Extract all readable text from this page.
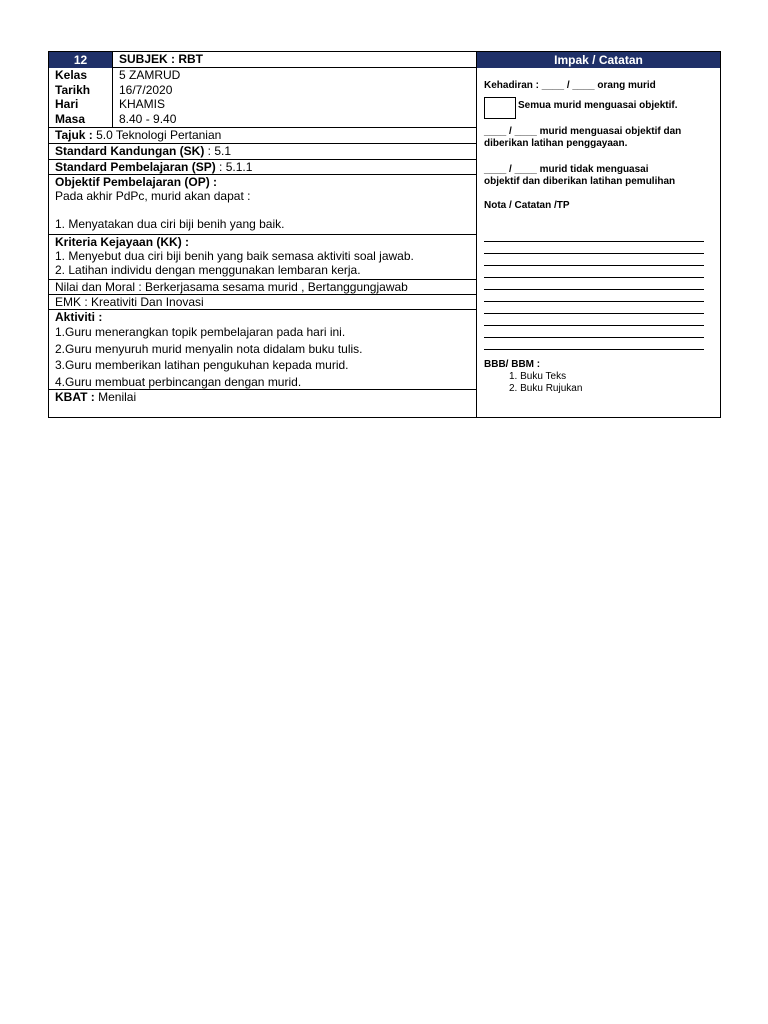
12	SUBJEK : RBT
Kelas
Tarikh
Hari
Masa
5 ZAMRUD
16/7/2020
KHAMIS
8.40 - 9.40
Tajuk : 5.0 Teknologi Pertanian
Standard Kandungan (SK) : 5.1
Standard Pembelajaran (SP) : 5.1.1
Objektif Pembelajaran (OP) :
Pada akhir PdPc, murid akan dapat :
1. Menyatakan dua ciri biji benih yang baik.
Kriteria Kejayaan (KK) :
1. Menyebut dua ciri biji benih yang baik semasa aktiviti soal jawab.
2. Latihan individu dengan menggunakan lembaran kerja.
Nilai dan Moral : Berkerjasama sesama murid , Bertanggungjawab
EMK : Kreativiti Dan Inovasi
Aktiviti :
1.Guru menerangkan topik pembelajaran pada hari ini.
2.Guru menyuruh murid menyalin nota didalam buku tulis.
3.Guru memberikan latihan pengukuhan kepada murid.
4.Guru membuat perbincangan dengan murid.
KBAT : Menilai
Impak / Catatan
Kehadiran : ____ / ____ orang murid
Semua murid menguasai objektif.
____ / ____ murid menguasai objektif dan
diberikan latihan penggayaan.
____ / ____ murid tidak menguasai
objektif dan diberikan latihan pemulihan
Nota / Catatan /TP
BBB/ BBM :
1. Buku Teks
2. Buku Rujukan
